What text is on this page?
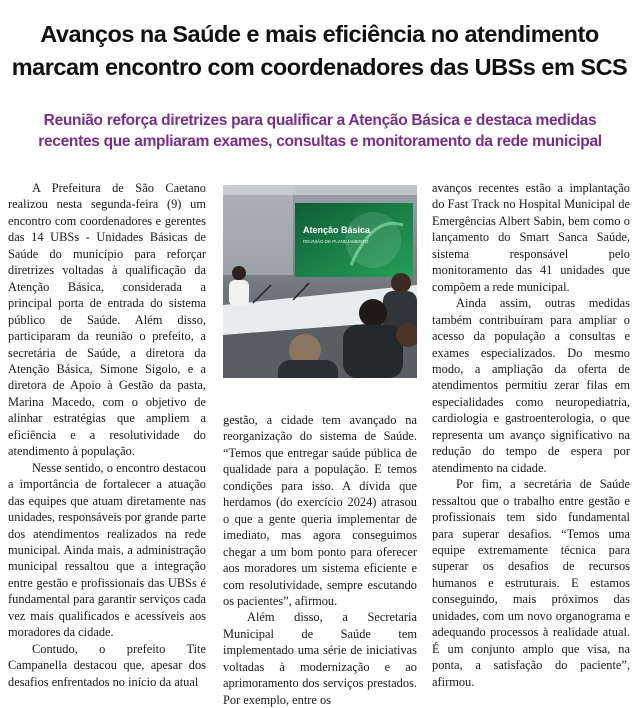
Avanços na Saúde e mais eficiência no atendimento marcam encontro com coordenadores das UBSs em SCS
Reunião reforça diretrizes para qualificar a Atenção Básica e destaca medidas recentes que ampliaram exames, consultas e monitoramento da rede municipal

A Prefeitura de São Caetano realizou nesta segunda-feira (9) um encontro com coordenadores e gerentes das 14 UBSs - Unidades Básicas de Saúde do município para reforçar diretrizes voltadas à qualificação da Atenção Básica, considerada a principal porta de entrada do sistema público de Saúde. Além disso, participaram da reunião o prefeito, a secretária de Saúde, a diretora da Atenção Básica, Simone Sigolo, e a diretora de Apoio à Gestão da pasta, Marina Macedo, com o objetivo de alinhar estratégias que ampliem a eficiência e a resolutividade do atendimento à população.

Nesse sentido, o encontro destacou a importância de fortalecer a atuação das equipes que atuam diretamente nas unidades, responsáveis por grande parte dos atendimentos realizados na rede municipal. Ainda mais, a administração municipal ressaltou que a integração entre gestão e profissionais das UBSs é fundamental para garantir serviços cada vez mais qualificados e acessíveis aos moradores da cidade.

Contudo, o prefeito Tite Campanella destacou que, apesar dos desafios enfrentados no início da atual

Atenção Básica
REUNIÃO DE PLANEJAMENTO

gestão, a cidade tem avançado na reorganização do sistema de Saúde. “Temos que entregar saúde pública de qualidade para a população. E temos condições para isso. A dívida que herdamos (do exercício 2024) atrasou o que a gente queria implementar de imediato, mas agora conseguimos chegar a um bom ponto para oferecer aos moradores um sistema eficiente e com resolutividade, sempre escutando os pacientes”, afirmou.

Além disso, a Secretaria Municipal de Saúde tem implementado uma série de iniciativas voltadas à modernização e ao aprimoramento dos serviços prestados. Por exemplo, entre os

avanços recentes estão a implantação do Fast Track no Hospital Municipal de Emergências Albert Sabin, bem como o lançamento do Smart Sanca Saúde, sistema responsável pelo monitoramento das 41 unidades que compõem a rede municipal.

Ainda assim, outras medidas também contribuíram para ampliar o acesso da população a consultas e exames especializados. Do mesmo modo, a ampliação da oferta de atendimentos permitiu zerar filas em especialidades como neuropediatria, cardiologia e gastroenterologia, o que representa um avanço significativo na redução do tempo de espera por atendimento na cidade.

Por fim, a secretária de Saúde ressaltou que o trabalho entre gestão e profissionais tem sido fundamental para superar desafios. “Temos uma equipe extremamente técnica para superar os desafios de recursos humanos e estruturais. E estamos conseguindo, mais próximos das unidades, com um novo organograma e adequando processos à realidade atual. É um conjunto amplo que visa, na ponta, a satisfação do paciente”, afirmou.
